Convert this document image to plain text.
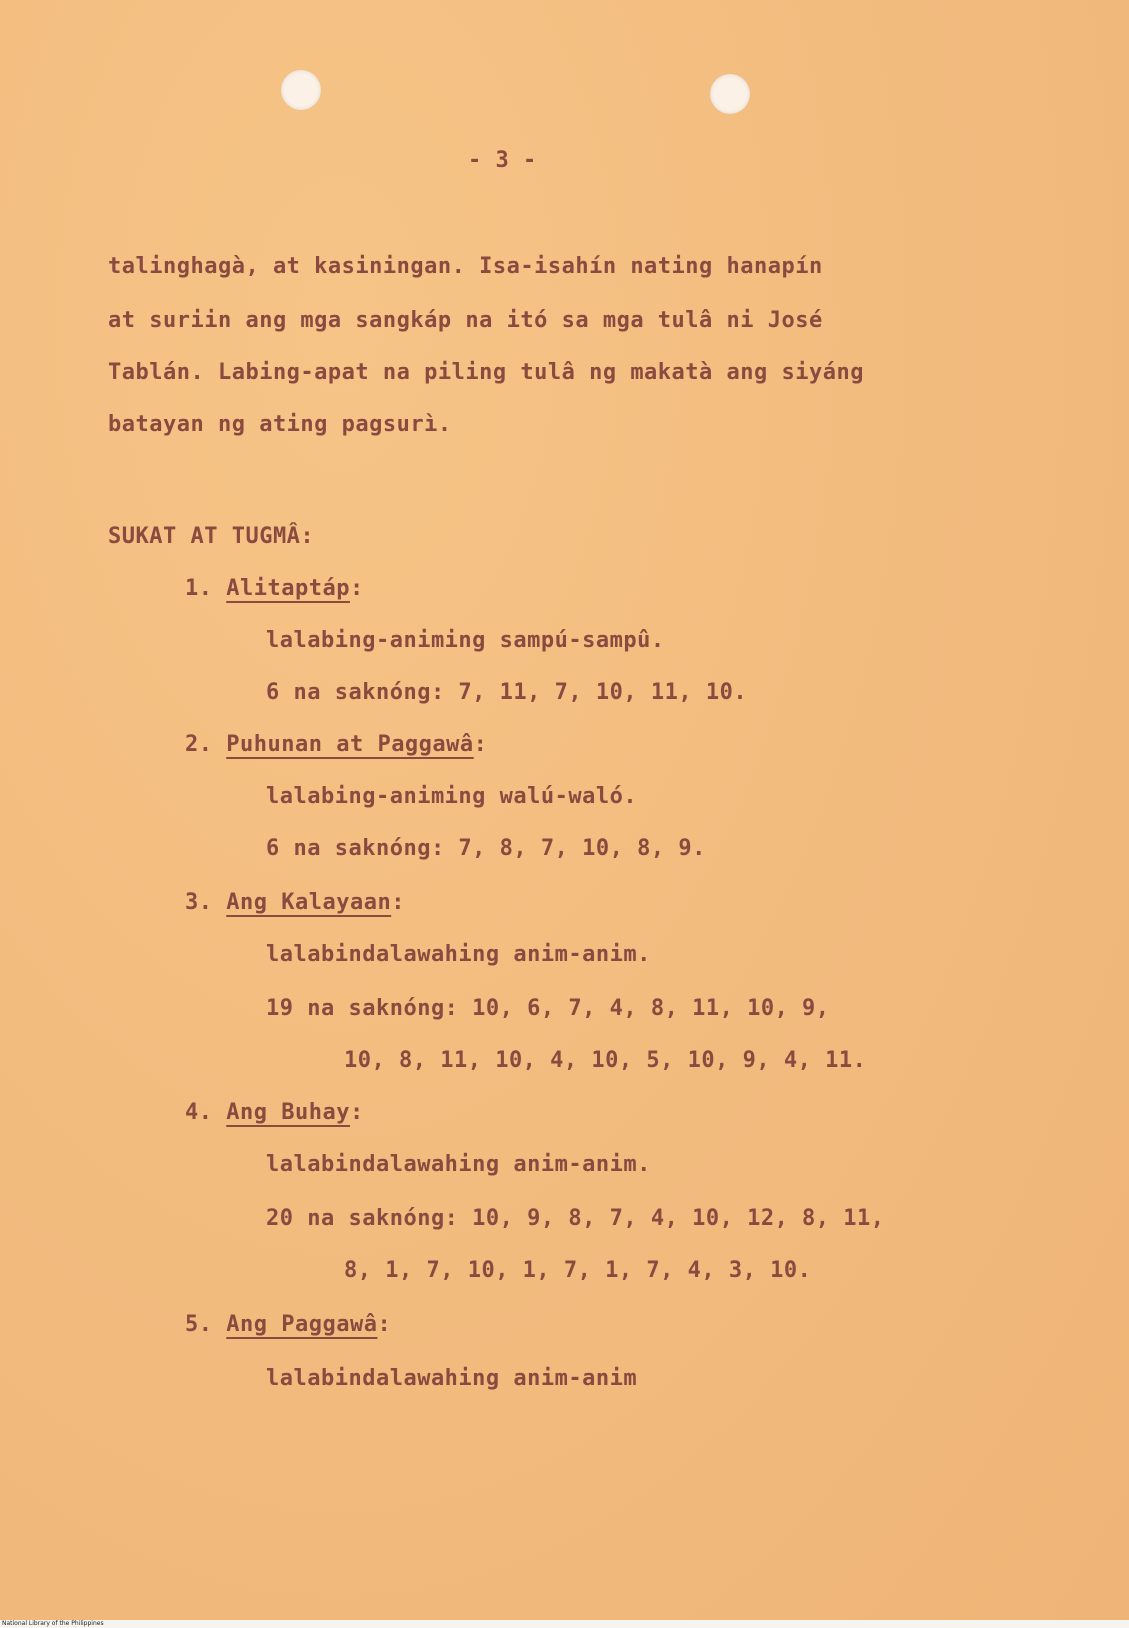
- 3 -
talinghagà, at kasiningan. Isa-isahín nating hanapín
at suriin ang mga sangkáp na itó sa mga tulâ ni José
Tablán. Labing-apat na piling tulâ ng makatà ang siyáng
batayan ng ating pagsurì.
SUKAT AT TUGMÂ:
1. Alitaptáp:
lalabing-animing sampú-sampû.
6 na saknóng: 7, 11, 7, 10, 11, 10.
2. Puhunan at Paggawâ:
lalabing-animing walú-waló.
6 na saknóng: 7, 8, 7, 10, 8, 9.
3. Ang Kalayaan:
lalabindalawahing anim-anim.
19 na saknóng: 10, 6, 7, 4, 8, 11, 10, 9,
10, 8, 11, 10, 4, 10, 5, 10, 9, 4, 11.
4. Ang Buhay:
lalabindalawahing anim-anim.
20 na saknóng: 10, 9, 8, 7, 4, 10, 12, 8, 11,
8, 1, 7, 10, 1, 7, 1, 7, 4, 3, 10.
5. Ang Paggawâ:
lalabindalawahing anim-anim
National Library of the Philippines
